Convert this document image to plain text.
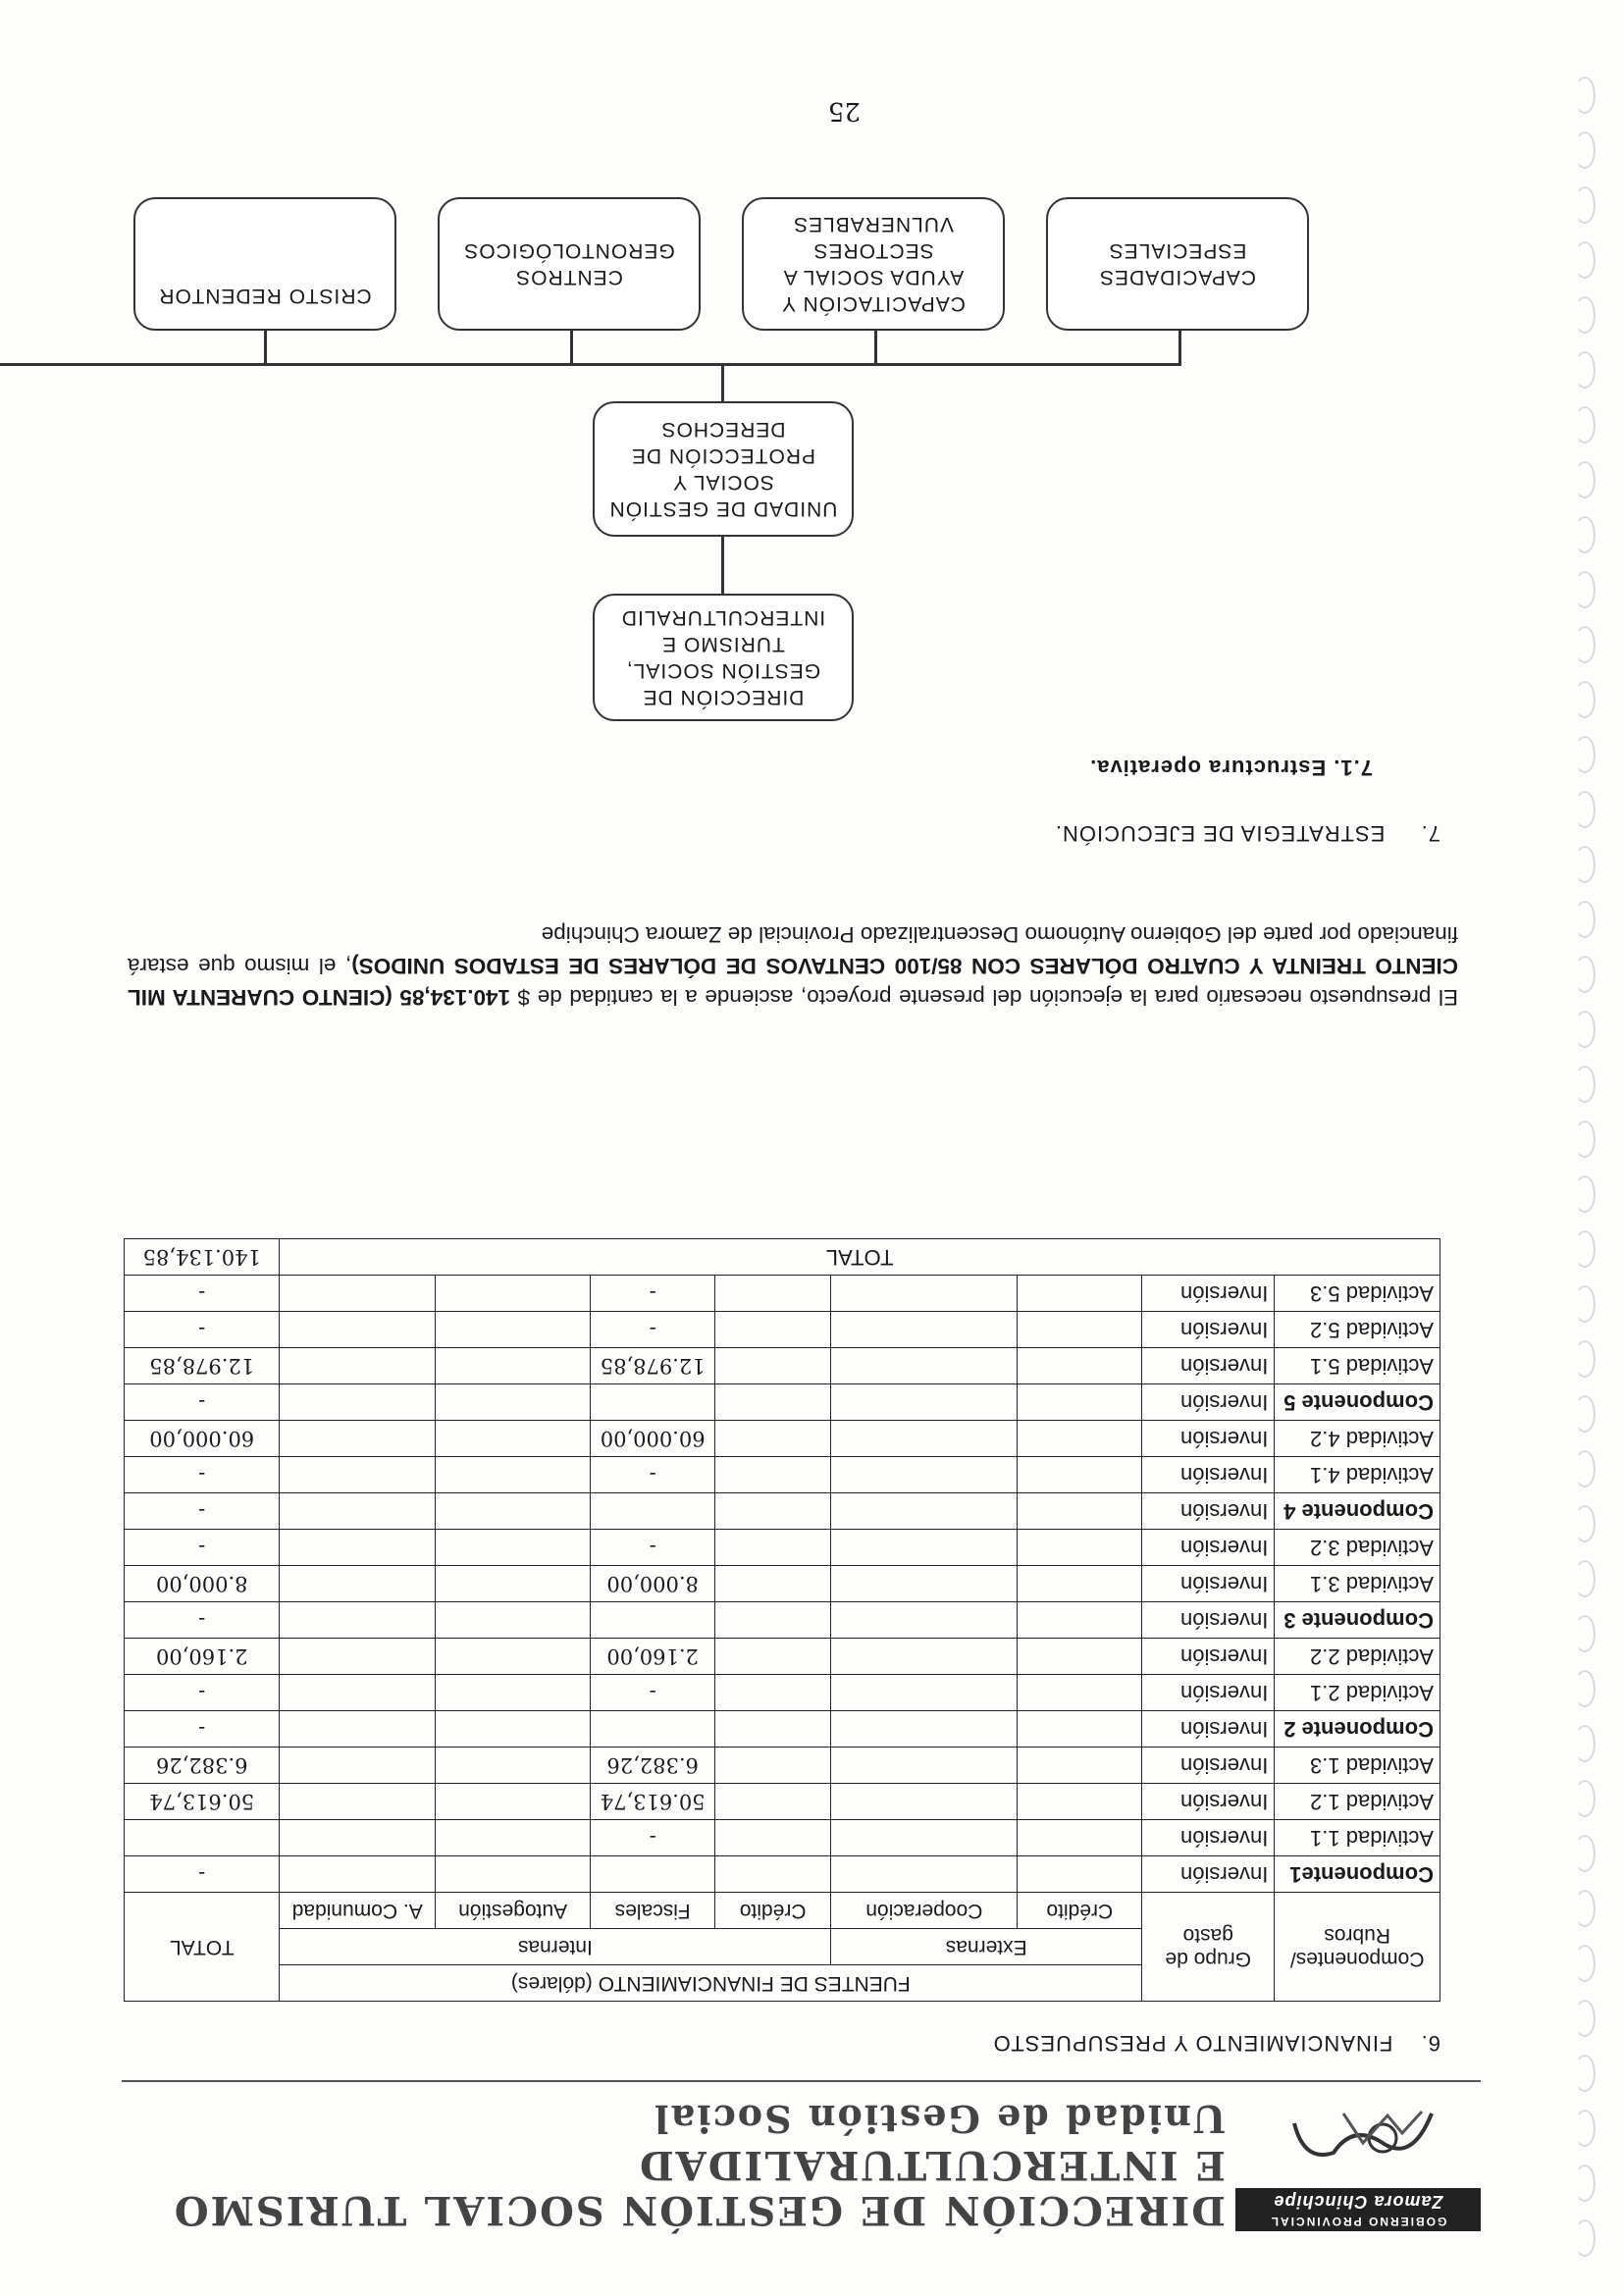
GOBIERNO PROVINCIAL
Zamora Chinchipe
DIRECCIÓN DE GESTIÓN SOCIAL TURISMO
E INTERCULTURALIDAD
Unidad de Gestión Social
6.  FINANCIAMIENTO Y PRESUPUESTO
Componentes/ Rubros	Grupo de gasto	FUENTES DE FINANCIAMIENTO (dólares)						TOTAL
		Externas		Internas				
		Crédito	Cooperación	Crédito	Fiscales	Autogestión	A. Comunidad	
Componente1	Inversión							-
Actividad 1.1	Inversión				-			
Actividad 1.2	Inversión				50.613,74			50.613,74
Actividad 1.3	Inversión				6.382,26			6.382,26
Componente 2	Inversión							-
Actividad 2.1	Inversión				-			-
Actividad 2.2	Inversión				2.160,00			2.160,00
Componente 3	Inversión							-
Actividad 3.1	Inversión				8.000,00			8.000,00
Actividad 3.2	Inversión				-			-
Componente 4	Inversión							-
Actividad 4.1	Inversión				-			-
Actividad 4.2	Inversión				60.000,00			60.000,00
Componente 5	Inversión							-
Actividad 5.1	Inversión				12.978,85			12.978,85
Actividad 5.2	Inversión				-			-
Actividad 5.3	Inversión				-			-
TOTAL								140.134,85
El presupuesto necesario para la ejecución del presente proyecto, asciende a la cantidad de $ 140.134,85 (CIENTO CUARENTA MIL CIENTO TREINTA Y CUATRO DÓLARES CON 85/100 CENTAVOS DE DÓLARES DE ESTADOS UNIDOS), el mismo que estará financiado por parte del Gobierno Autónomo Descentralizado Provincial de Zamora Chinchipe
7.  ESTRATEGIA DE EJECUCIÓN.
7.1. Estructura operativa.
DIRECCIÓN DE GESTIÓN SOCIAL, TURISMO E INTERCULTURALID
UNIDAD DE GESTIÓN SOCIAL Y PROTECCIÓN DE DERECHOS
CAPACIDADES ESPECIALES
CAPACITACIÓN Y AYUDA SOCIAL A SECTORES VULNERABLES
CENTROS GERONTOLÓGICOS
CRISTO REDENTOR
25
